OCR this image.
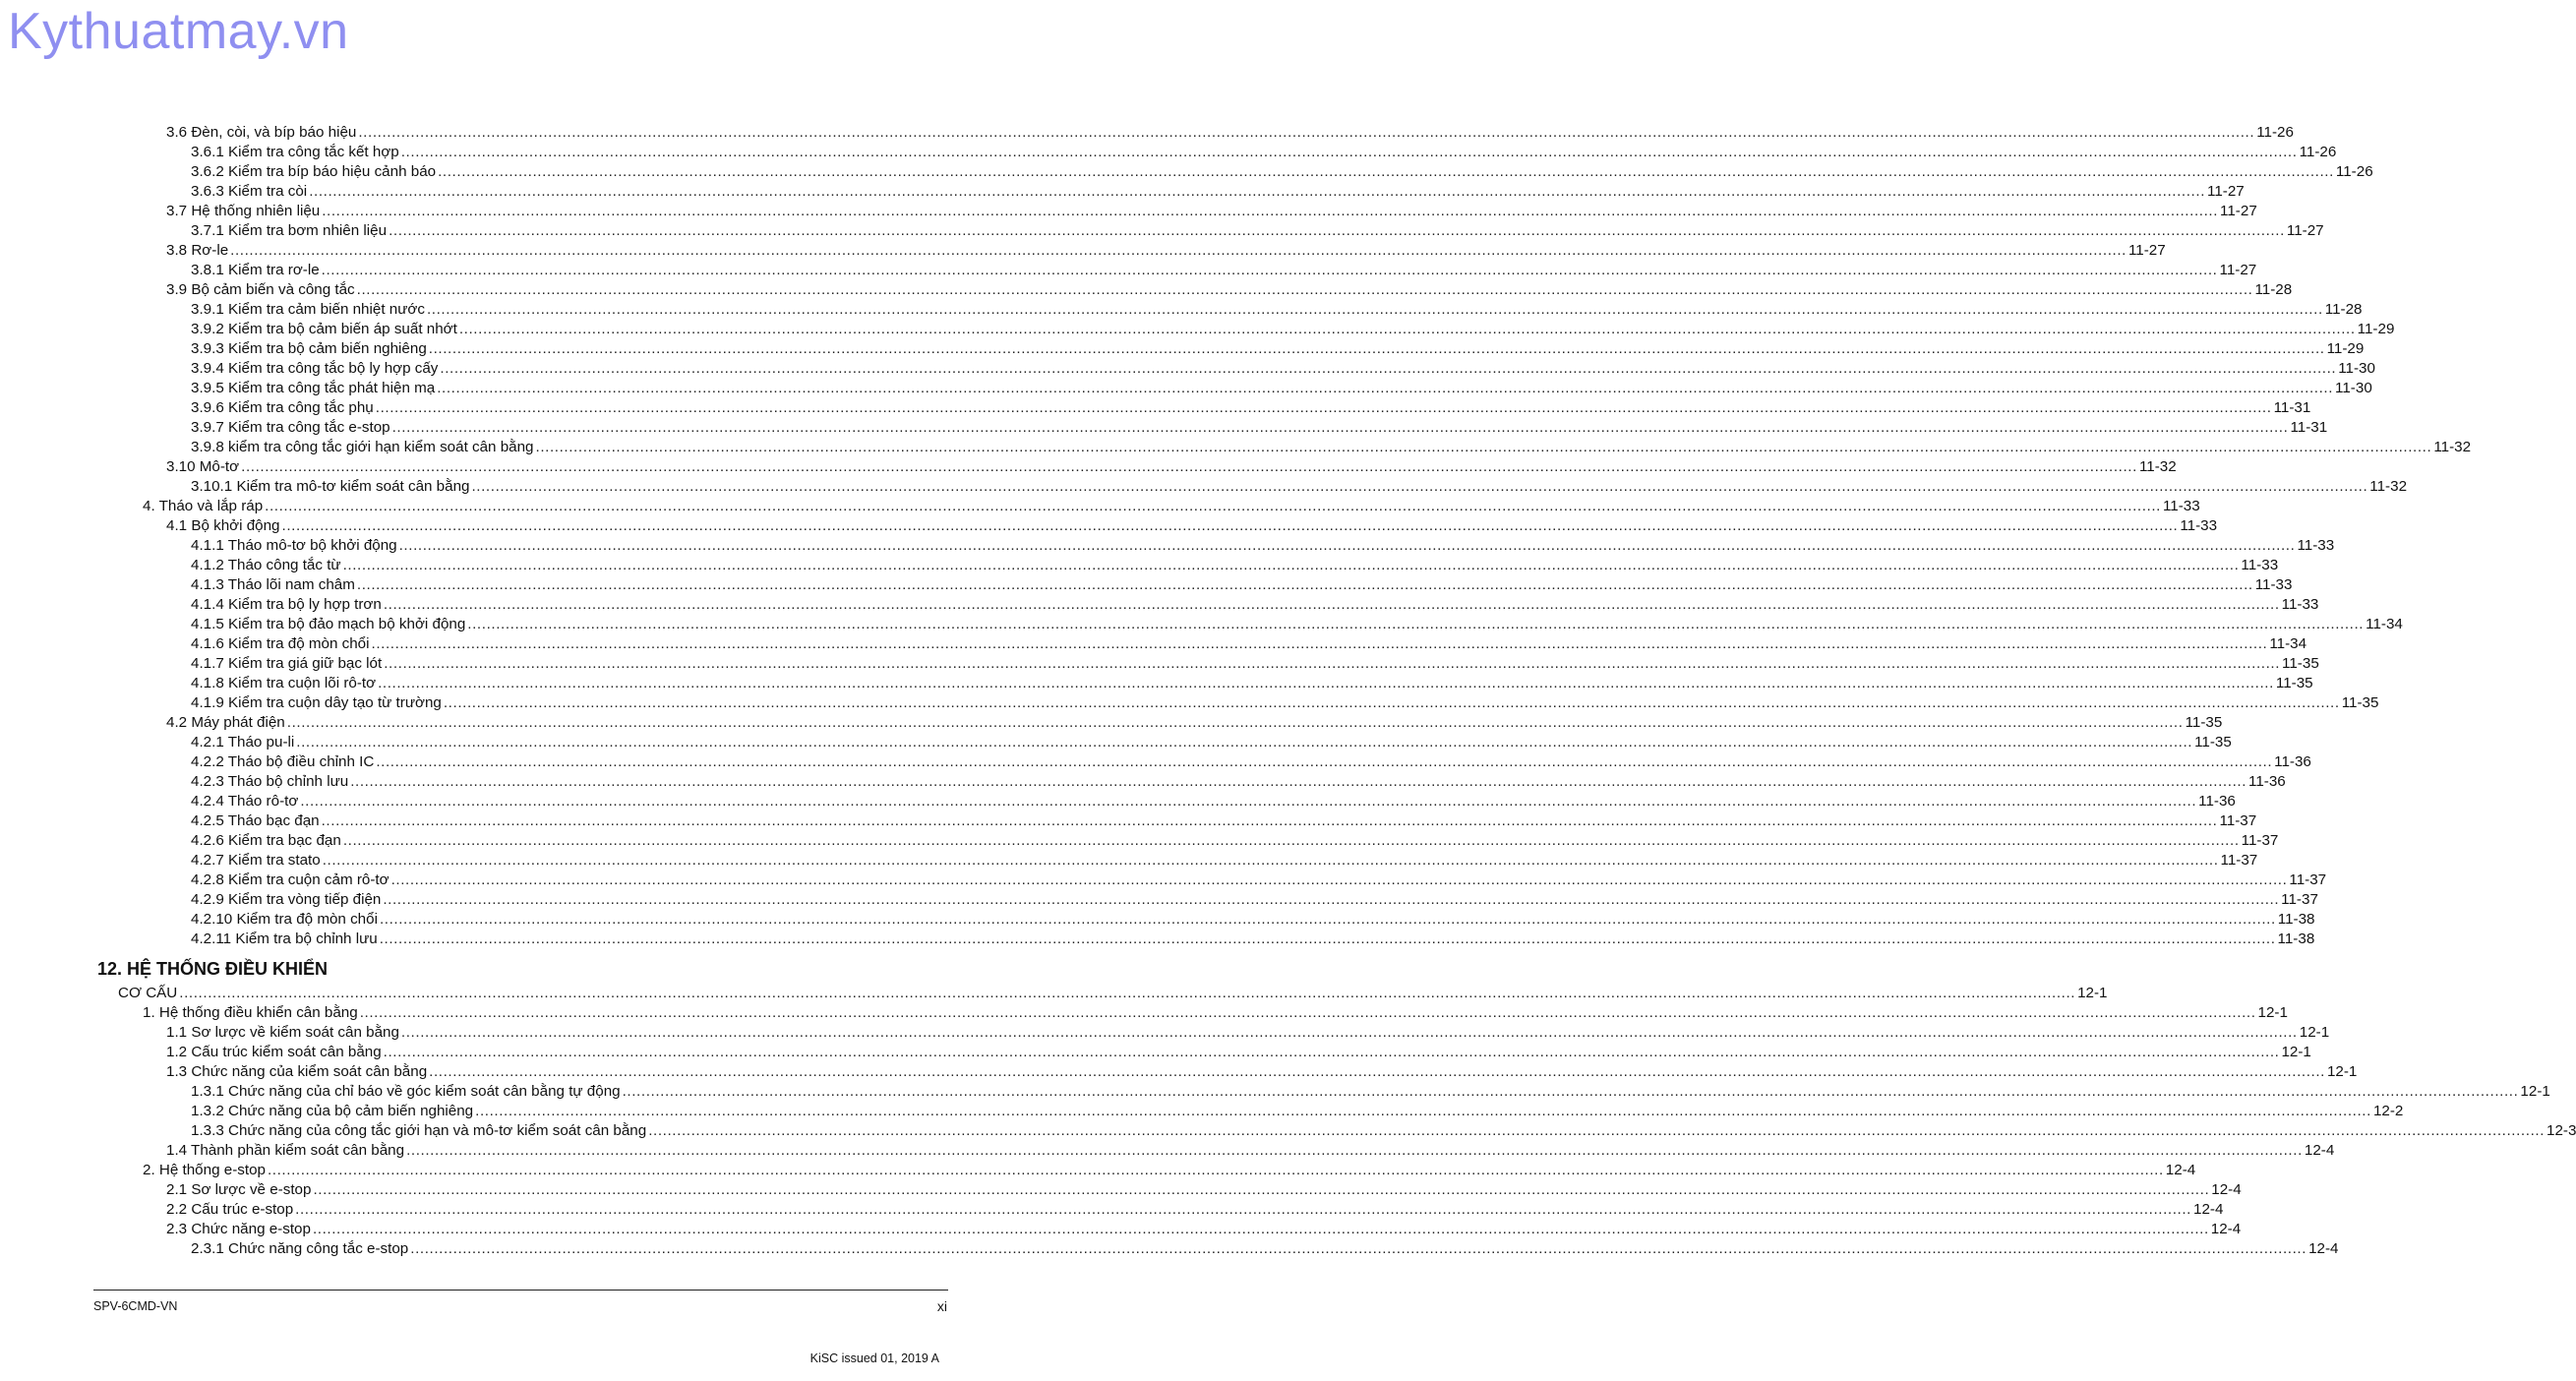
Kythuatmay.vn
3.6 Đèn, còi, và bíp báo hiệu ................................................................................................................................................................................................................................................................................................................................................................................................................ 11-26
3.6.1 Kiểm tra công tắc kết hợp ................................................................................................................................................................................................................................................................................................................................................................................................................ 11-26
3.6.2 Kiểm tra bíp báo hiệu cảnh báo ................................................................................................................................................................................................................................................................................................................................................................................................................ 11-26
3.6.3 Kiểm tra còi ................................................................................................................................................................................................................................................................................................................................................................................................................ 11-27
3.7 Hệ thống nhiên liệu ................................................................................................................................................................................................................................................................................................................................................................................................................ 11-27
3.7.1 Kiểm tra bơm nhiên liệu ................................................................................................................................................................................................................................................................................................................................................................................................................ 11-27
3.8 Rơ-le ................................................................................................................................................................................................................................................................................................................................................................................................................ 11-27
3.8.1 Kiểm tra rơ-le ................................................................................................................................................................................................................................................................................................................................................................................................................ 11-27
3.9 Bộ cảm biến và công tắc ................................................................................................................................................................................................................................................................................................................................................................................................................ 11-28
3.9.1 Kiểm tra cảm biến nhiệt nước ................................................................................................................................................................................................................................................................................................................................................................................................................ 11-28
3.9.2 Kiểm tra bộ cảm biến áp suất nhớt ................................................................................................................................................................................................................................................................................................................................................................................................................ 11-29
3.9.3 Kiểm tra bộ cảm biến nghiêng ................................................................................................................................................................................................................................................................................................................................................................................................................ 11-29
3.9.4 Kiểm tra công tắc bộ ly hợp cấy ................................................................................................................................................................................................................................................................................................................................................................................................................ 11-30
3.9.5 Kiểm tra công tắc phát hiện mạ ................................................................................................................................................................................................................................................................................................................................................................................................................ 11-30
3.9.6 Kiểm tra công tắc phụ ................................................................................................................................................................................................................................................................................................................................................................................................................ 11-31
3.9.7 Kiểm tra công tắc e-stop ................................................................................................................................................................................................................................................................................................................................................................................................................ 11-31
3.9.8 kiểm tra công tắc giới hạn kiểm soát cân bằng ................................................................................................................................................................................................................................................................................................................................................................................................................ 11-32
3.10 Mô-tơ ................................................................................................................................................................................................................................................................................................................................................................................................................ 11-32
3.10.1 Kiểm tra mô-tơ kiểm soát cân bằng ................................................................................................................................................................................................................................................................................................................................................................................................................ 11-32
4. Tháo và lắp ráp ................................................................................................................................................................................................................................................................................................................................................................................................................ 11-33
4.1 Bộ khởi động ................................................................................................................................................................................................................................................................................................................................................................................................................ 11-33
4.1.1 Tháo mô-tơ bộ khởi động ................................................................................................................................................................................................................................................................................................................................................................................................................ 11-33
4.1.2 Tháo công tắc từ ................................................................................................................................................................................................................................................................................................................................................................................................................ 11-33
4.1.3 Tháo lõi nam châm ................................................................................................................................................................................................................................................................................................................................................................................................................ 11-33
4.1.4 Kiểm tra bộ ly hợp trơn ................................................................................................................................................................................................................................................................................................................................................................................................................ 11-33
4.1.5 Kiểm tra bộ đảo mạch bộ khởi động ................................................................................................................................................................................................................................................................................................................................................................................................................ 11-34
4.1.6 Kiểm tra độ mòn chổi ................................................................................................................................................................................................................................................................................................................................................................................................................ 11-34
4.1.7 Kiểm tra giá giữ bạc lót ................................................................................................................................................................................................................................................................................................................................................................................................................ 11-35
4.1.8 Kiểm tra cuộn lõi rô-tơ ................................................................................................................................................................................................................................................................................................................................................................................................................ 11-35
4.1.9 Kiểm tra cuộn dây tạo từ trường ................................................................................................................................................................................................................................................................................................................................................................................................................ 11-35
4.2 Máy phát điện ................................................................................................................................................................................................................................................................................................................................................................................................................ 11-35
4.2.1 Tháo pu-li ................................................................................................................................................................................................................................................................................................................................................................................................................ 11-35
4.2.2 Tháo bộ điều chỉnh IC ................................................................................................................................................................................................................................................................................................................................................................................................................ 11-36
4.2.3 Tháo bộ chỉnh lưu ................................................................................................................................................................................................................................................................................................................................................................................................................ 11-36
4.2.4 Tháo rô-tơ ................................................................................................................................................................................................................................................................................................................................................................................................................ 11-36
4.2.5 Tháo bạc đạn ................................................................................................................................................................................................................................................................................................................................................................................................................ 11-37
4.2.6 Kiểm tra bạc đạn ................................................................................................................................................................................................................................................................................................................................................................................................................ 11-37
4.2.7 Kiểm tra stato ................................................................................................................................................................................................................................................................................................................................................................................................................ 11-37
4.2.8 Kiểm tra cuộn cảm rô-tơ ................................................................................................................................................................................................................................................................................................................................................................................................................ 11-37
4.2.9 Kiểm tra vòng tiếp điện ................................................................................................................................................................................................................................................................................................................................................................................................................ 11-37
4.2.10 Kiểm tra độ mòn chổi ................................................................................................................................................................................................................................................................................................................................................................................................................ 11-38
4.2.11 Kiểm tra bộ chỉnh lưu ................................................................................................................................................................................................................................................................................................................................................................................................................ 11-38
12. HỆ THỐNG ĐIỀU KHIỂN
CƠ CẤU ................................................................................................................................................................................................................................................................................................................................................................................................................ 12-1
1. Hệ thống điều khiển cân bằng ................................................................................................................................................................................................................................................................................................................................................................................................................ 12-1
1.1 Sơ lược về kiểm soát cân bằng ................................................................................................................................................................................................................................................................................................................................................................................................................ 12-1
1.2 Cấu trúc kiểm soát cân bằng ................................................................................................................................................................................................................................................................................................................................................................................................................ 12-1
1.3 Chức năng của kiểm soát cân bằng ................................................................................................................................................................................................................................................................................................................................................................................................................ 12-1
1.3.1 Chức năng của chỉ báo về góc kiểm soát cân bằng tự động ................................................................................................................................................................................................................................................................................................................................................................................................................ 12-1
1.3.2 Chức năng của bộ cảm biến nghiêng ................................................................................................................................................................................................................................................................................................................................................................................................................ 12-2
1.3.3 Chức năng của công tắc giới hạn và mô-tơ kiểm soát cân bằng ................................................................................................................................................................................................................................................................................................................................................................................................................ 12-3
1.4 Thành phần kiểm soát cân bằng ................................................................................................................................................................................................................................................................................................................................................................................................................ 12-4
2. Hệ thống e-stop ................................................................................................................................................................................................................................................................................................................................................................................................................ 12-4
2.1 Sơ lược về e-stop ................................................................................................................................................................................................................................................................................................................................................................................................................ 12-4
2.2 Cấu trúc e-stop ................................................................................................................................................................................................................................................................................................................................................................................................................ 12-4
2.3 Chức năng e-stop ................................................................................................................................................................................................................................................................................................................................................................................................................ 12-4
2.3.1 Chức năng công tắc e-stop ................................................................................................................................................................................................................................................................................................................................................................................................................ 12-4
SPV-6CMD-VN	xi
KiSC issued 01, 2019 A
